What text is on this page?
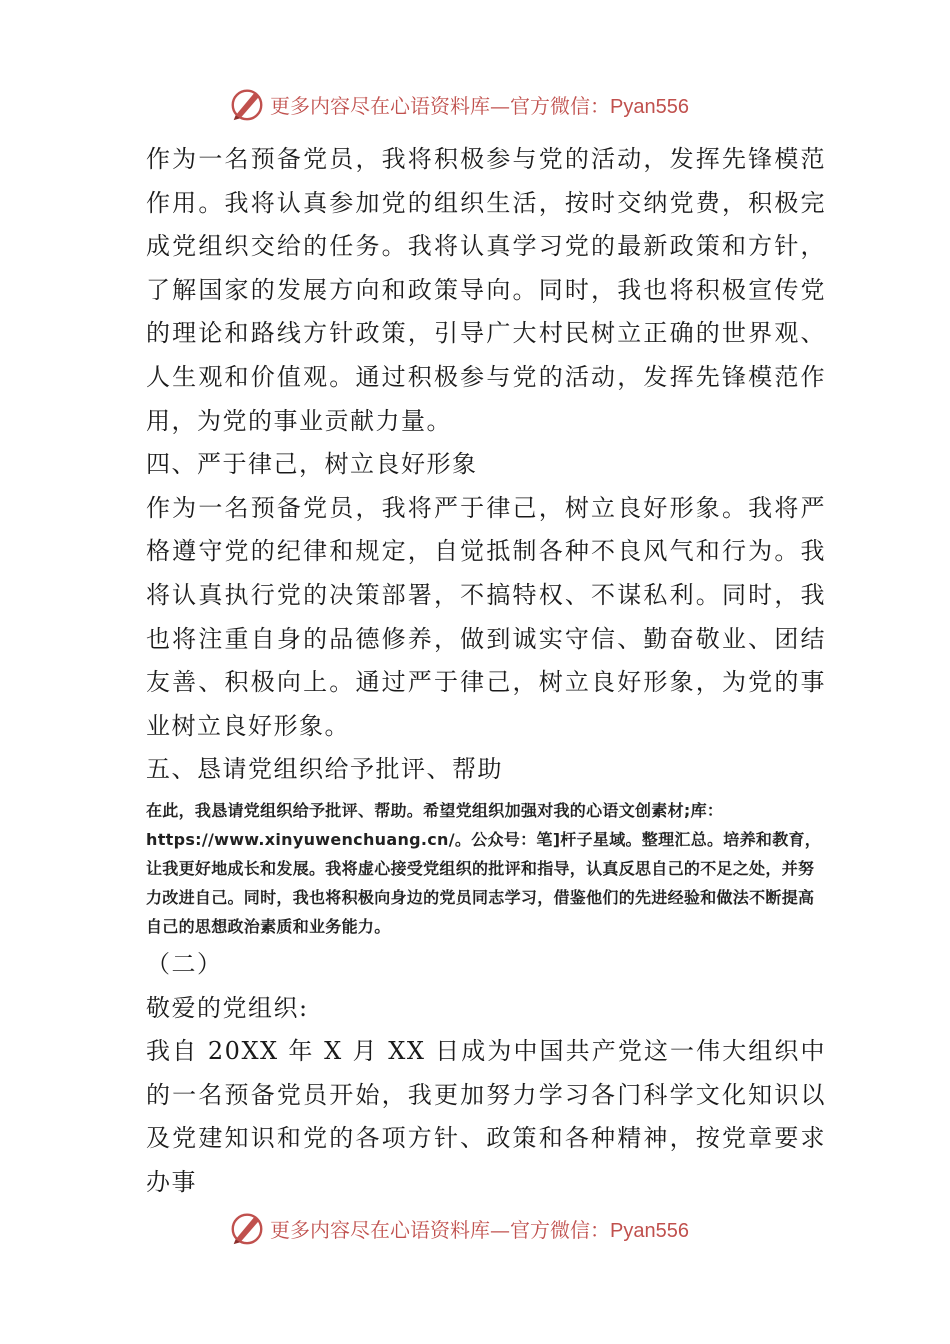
更多内容尽在心语资料库—官方微信：Pyan556

作为一名预备党员，我将积极参与党的活动，发挥先锋模范作用。我将认真参加党的组织生活，按时交纳党费，积极完成党组织交给的任务。我将认真学习党的最新政策和方针，了解国家的发展方向和政策导向。同时，我也将积极宣传党的理论和路线方针政策，引导广大村民树立正确的世界观、人生观和价值观。通过积极参与党的活动，发挥先锋模范作用，为党的事业贡献力量。

四、严于律己，树立良好形象

作为一名预备党员，我将严于律己，树立良好形象。我将严格遵守党的纪律和规定，自觉抵制各种不良风气和行为。我将认真执行党的决策部署，不搞特权、不谋私利。同时，我也将注重自身的品德修养，做到诚实守信、勤奋敬业、团结友善、积极向上。通过严于律己，树立良好形象，为党的事业树立良好形象。

五、恳请党组织给予批评、帮助

在此，我恳请党组织给予批评、帮助。希望党组织加强对我的心语文创素材;库：https://www.xinyuwenchuang.cn/。公众号：笔]杆子星域。整理汇总。培养和教育，让我更好地成长和发展。我将虚心接受党组织的批评和指导，认真反思自己的不足之处，并努力改进自己。同时，我也将积极向身边的党员同志学习，借鉴他们的先进经验和做法不断提高自己的思想政治素质和业务能力。

（二）

敬爱的党组织:

我自 20XX 年 X 月 XX 日成为中国共产党这一伟大组织中的一名预备党员开始，我更加努力学习各门科学文化知识以及党建知识和党的各项方针、政策和各种精神，按党章要求办事

更多内容尽在心语资料库—官方微信：Pyan556
